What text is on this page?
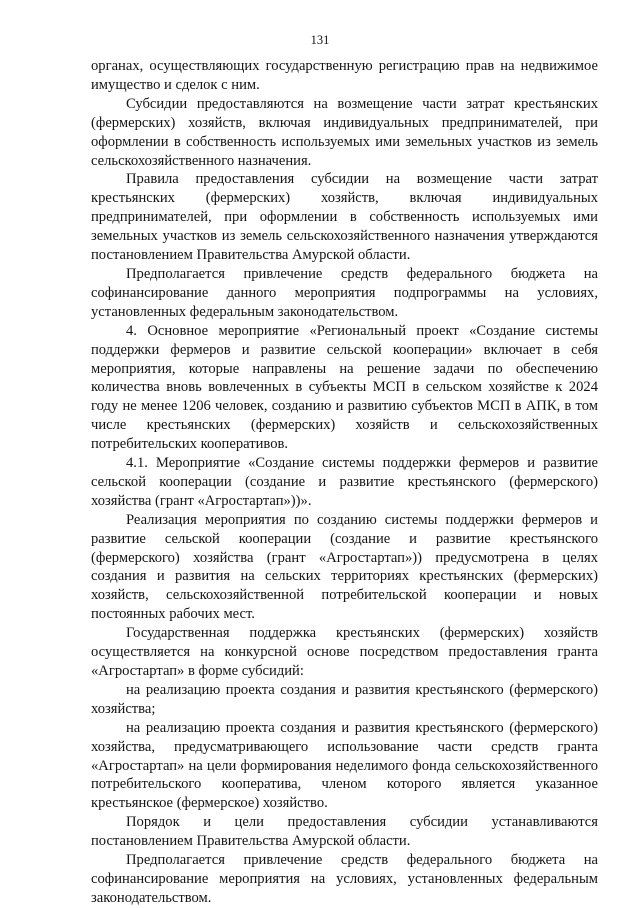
131

органах, осуществляющих государственную регистрацию прав на недвижимое имущество и сделок с ним.

Субсидии предоставляются на возмещение части затрат крестьянских (фермерских) хозяйств, включая индивидуальных предпринимателей, при оформлении в собственность используемых ими земельных участков из земель сельскохозяйственного назначения.

Правила предоставления субсидии на возмещение части затрат крестьянских (фермерских) хозяйств, включая индивидуальных предпринимателей, при оформлении в собственность используемых ими земельных участков из земель сельскохозяйственного назначения утверждаются постановлением Правительства Амурской области.

Предполагается привлечение средств федерального бюджета на софинансирование данного мероприятия подпрограммы на условиях, установленных федеральным законодательством.

4. Основное мероприятие «Региональный проект «Создание системы поддержки фермеров и развитие сельской кооперации» включает в себя мероприятия, которые направлены на решение задачи по обеспечению количества вновь вовлеченных в субъекты МСП в сельском хозяйстве к 2024 году не менее 1206 человек, созданию и развитию субъектов МСП в АПК, в том числе крестьянских (фермерских) хозяйств и сельскохозяйственных потребительских кооперативов.

4.1. Мероприятие «Создание системы поддержки фермеров и развитие сельской кооперации (создание и развитие крестьянского (фермерского) хозяйства (грант «Агростартап»))».

Реализация мероприятия по созданию системы поддержки фермеров и развитие сельской кооперации (создание и развитие крестьянского (фермерского) хозяйства (грант «Агростартап»)) предусмотрена в целях создания и развития на сельских территориях крестьянских (фермерских) хозяйств, сельскохозяйственной потребительской кооперации и новых постоянных рабочих мест.

Государственная поддержка крестьянских (фермерских) хозяйств осуществляется на конкурсной основе посредством предоставления гранта «Агростартап» в форме субсидий:

на реализацию проекта создания и развития крестьянского (фермерского) хозяйства;

на реализацию проекта создания и развития крестьянского (фермерского) хозяйства, предусматривающего использование части средств гранта «Агростартап» на цели формирования неделимого фонда сельскохозяйственного потребительского кооператива, членом которого является указанное крестьянское (фермерское) хозяйство.

Порядок и цели предоставления субсидии устанавливаются постановлением Правительства Амурской области.

Предполагается привлечение средств федерального бюджета на софинансирование мероприятия на условиях, установленных федеральным законодательством.
